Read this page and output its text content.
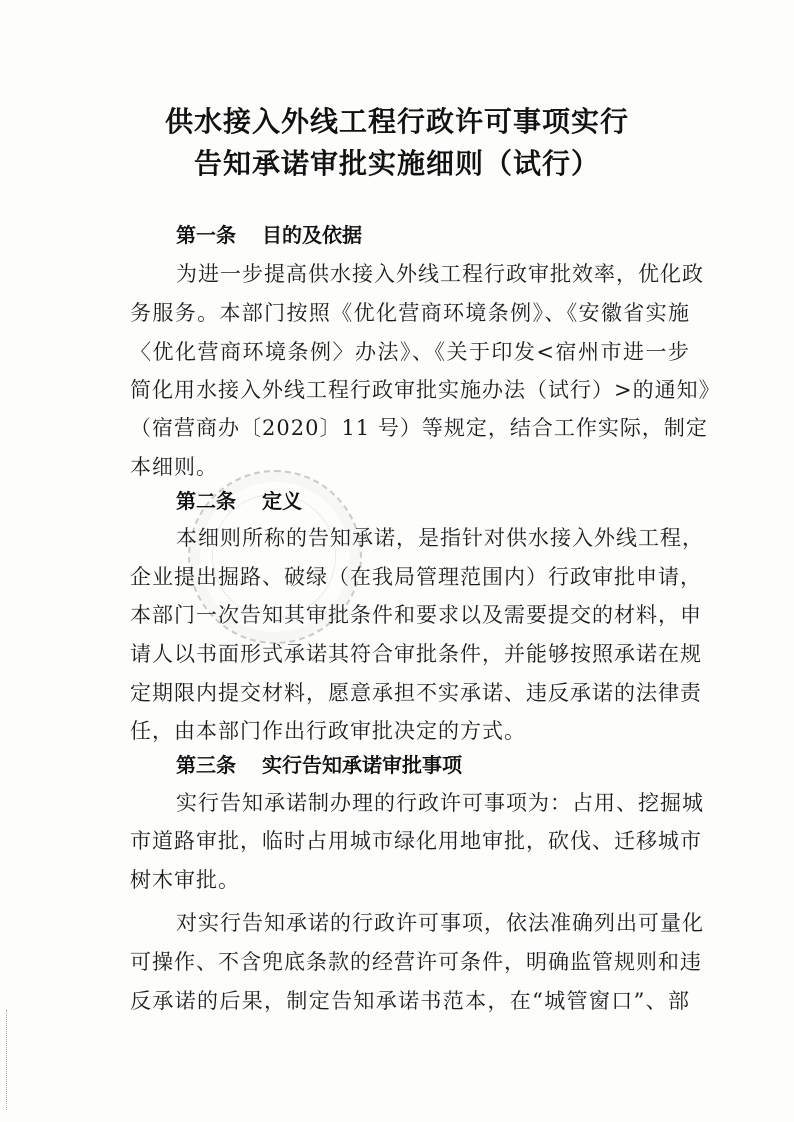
供水接入外线工程行政许可事项实行
告知承诺审批实施细则（试行）
第一条 目的及依据
为进一步提高供水接入外线工程行政审批效率，优化政
务服务。本部门按照《优化营商环境条例》、《安徽省实施
〈优化营商环境条例〉办法》、《关于印发<宿州市进一步
简化用水接入外线工程行政审批实施办法（试行）>的通知》
（宿营商办〔2020〕11 号）等规定，结合工作实际，制定
本细则。
第二条 定义
本细则所称的告知承诺，是指针对供水接入外线工程，
企业提出掘路、破绿（在我局管理范围内）行政审批申请，
本部门一次告知其审批条件和要求以及需要提交的材料，申
请人以书面形式承诺其符合审批条件，并能够按照承诺在规
定期限内提交材料，愿意承担不实承诺、违反承诺的法律责
任，由本部门作出行政审批决定的方式。
第三条 实行告知承诺审批事项
实行告知承诺制办理的行政许可事项为：占用、挖掘城
市道路审批，临时占用城市绿化用地审批，砍伐、迁移城市
树木审批。
对实行告知承诺的行政许可事项，依法准确列出可量化
可操作、不含兜底条款的经营许可条件，明确监管规则和违
反承诺的后果，制定告知承诺书范本，在“城管窗口”、部
